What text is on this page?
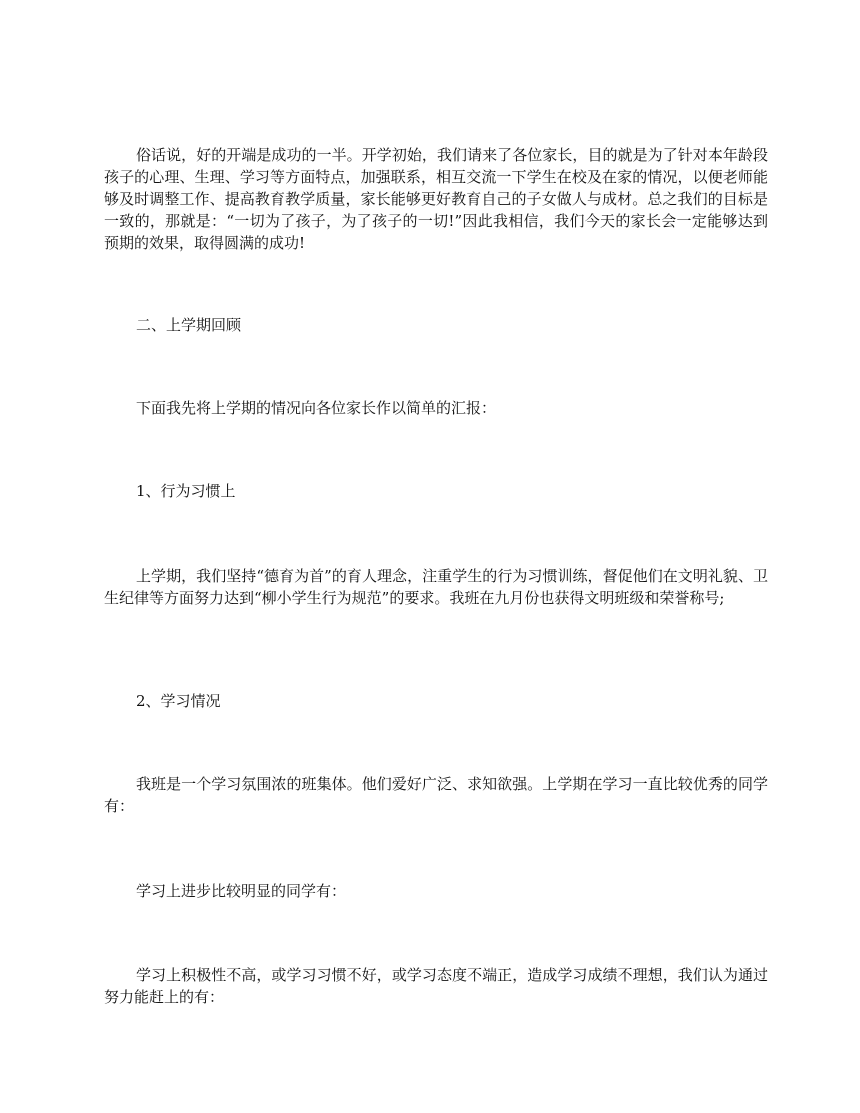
俗话说，好的开端是成功的一半。开学初始，我们请来了各位家长，目的就是为了针对本年龄段孩子的心理、生理、学习等方面特点，加强联系，相互交流一下学生在校及在家的情况，以便老师能够及时调整工作、提高教育教学质量，家长能够更好教育自己的子女做人与成材。总之我们的目标是一致的，那就是：“一切为了孩子，为了孩子的一切!”因此我相信，我们今天的家长会一定能够达到预期的效果，取得圆满的成功!

二、上学期回顾

下面我先将上学期的情况向各位家长作以简单的汇报：

1、行为习惯上

上学期，我们坚持“德育为首”的育人理念，注重学生的行为习惯训练，督促他们在文明礼貌、卫生纪律等方面努力达到“柳小学生行为规范”的要求。我班在九月份也获得文明班级和荣誉称号;

2、学习情况

我班是一个学习氛围浓的班集体。他们爱好广泛、求知欲强。上学期在学习一直比较优秀的同学有：

学习上进步比较明显的同学有：

学习上积极性不高，或学习习惯不好，或学习态度不端正，造成学习成绩不理想，我们认为通过努力能赶上的有：
